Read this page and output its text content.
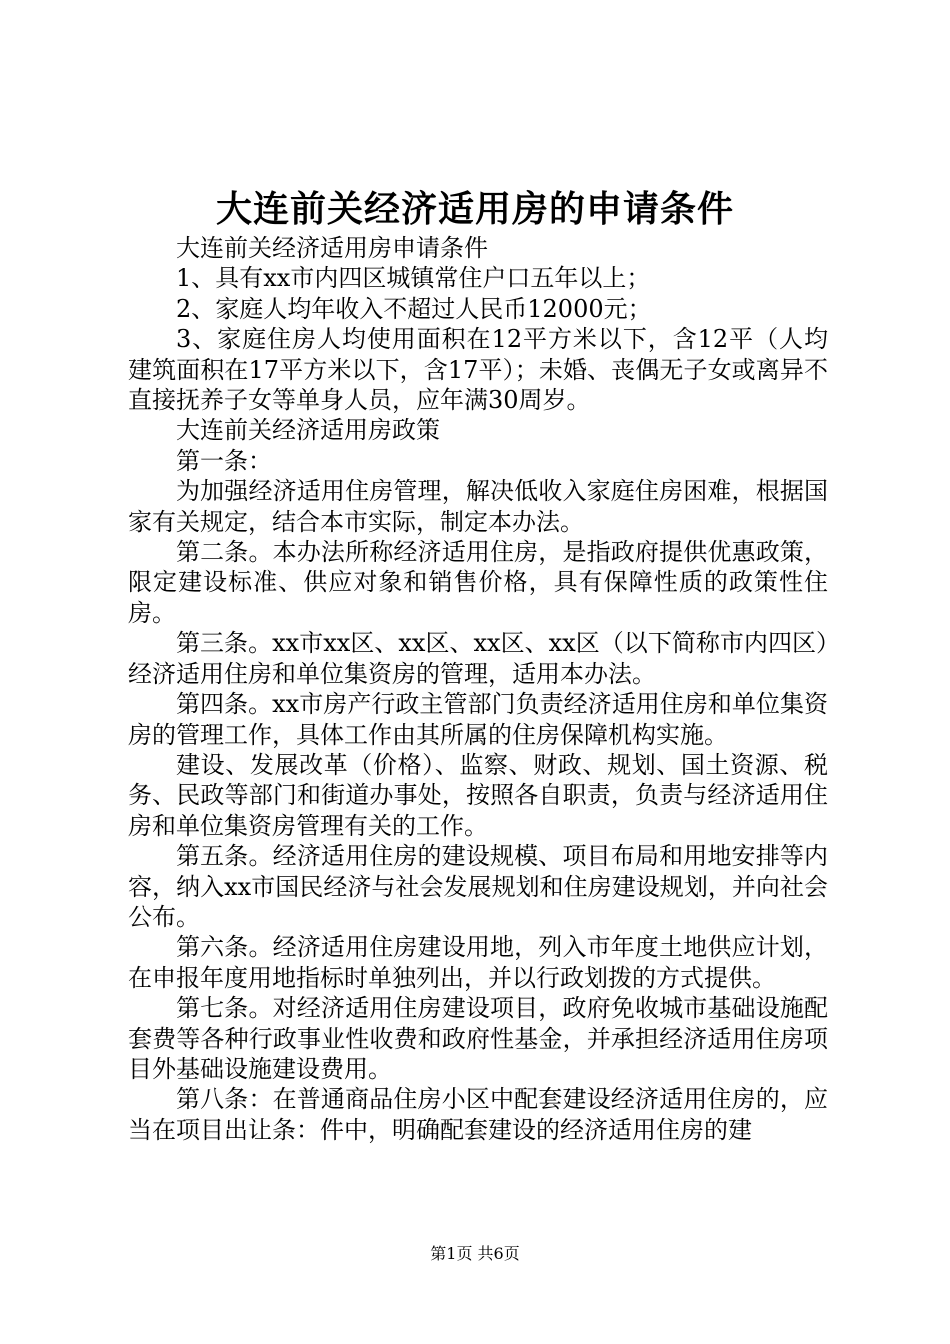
大连前关经济适用房的申请条件

大连前关经济适用房申请条件

1、具有xx市内四区城镇常住户口五年以上；

2、家庭人均年收入不超过人民币12000元；

3、家庭住房人均使用面积在12平方米以下，含12平（人均建筑面积在17平方米以下，含17平）；未婚、丧偶无子女或离异不直接抚养子女等单身人员，应年满30周岁。

大连前关经济适用房政策

第一条：

为加强经济适用住房管理，解决低收入家庭住房困难，根据国家有关规定，结合本市实际，制定本办法。

第二条。本办法所称经济适用住房，是指政府提供优惠政策，限定建设标准、供应对象和销售价格，具有保障性质的政策性住房。

第三条。xx市xx区、xx区、xx区、xx区（以下简称市内四区）经济适用住房和单位集资房的管理，适用本办法。

第四条。xx市房产行政主管部门负责经济适用住房和单位集资房的管理工作，具体工作由其所属的住房保障机构实施。

建设、发展改革（价格）、监察、财政、规划、国土资源、税务、民政等部门和街道办事处，按照各自职责，负责与经济适用住房和单位集资房管理有关的工作。

第五条。经济适用住房的建设规模、项目布局和用地安排等内容，纳入xx市国民经济与社会发展规划和住房建设规划，并向社会公布。

第六条。经济适用住房建设用地，列入市年度土地供应计划，在申报年度用地指标时单独列出，并以行政划拨的方式提供。

第七条。对经济适用住房建设项目，政府免收城市基础设施配套费等各种行政事业性收费和政府性基金，并承担经济适用住房项目外基础设施建设费用。

第八条：在普通商品住房小区中配套建设经济适用住房的，应当在项目出让条：件中，明确配套建设的经济适用住房的建

第1页 共6页
